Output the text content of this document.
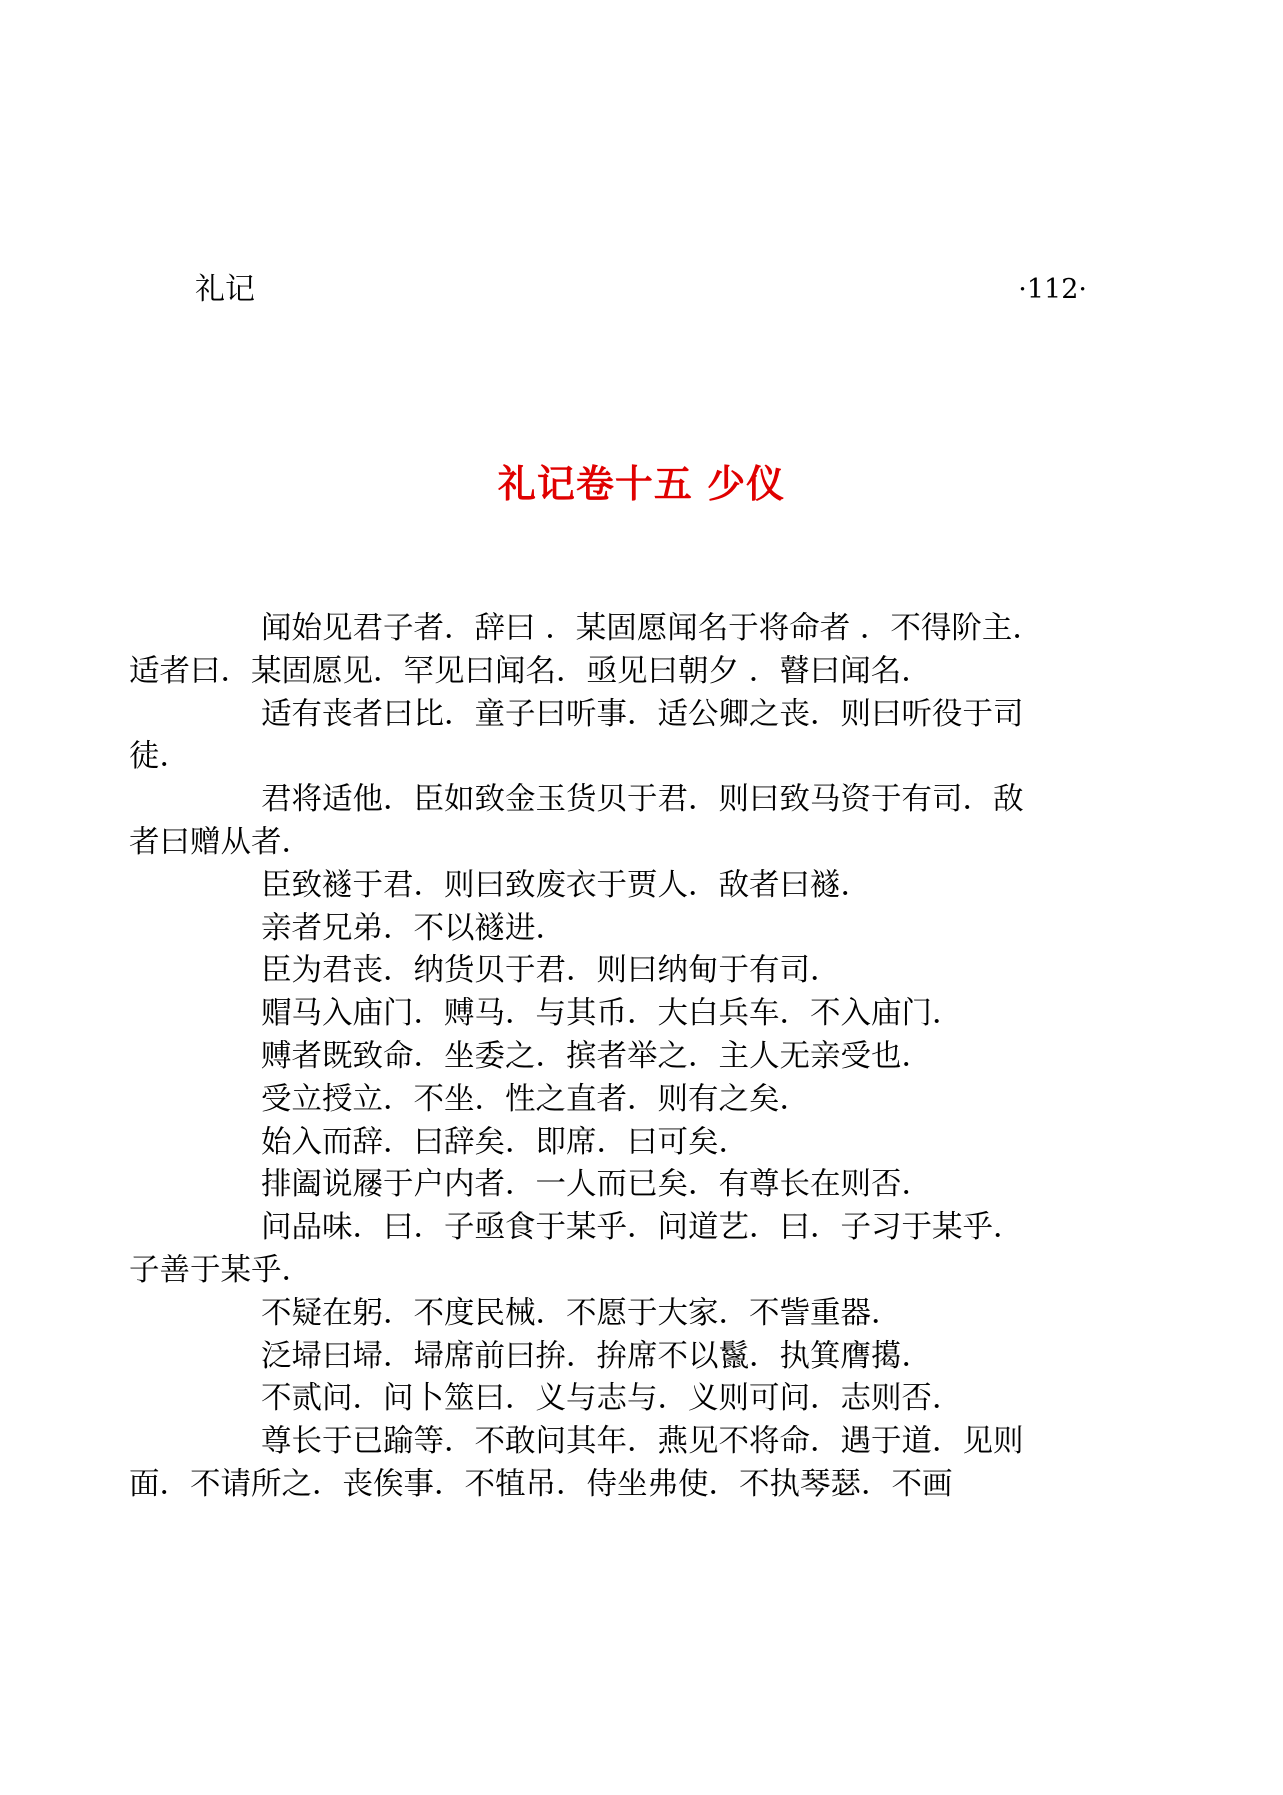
礼记	·112·
礼记卷十五 少仪

闻始见君子者．辞曰 ．某固愿闻名于将命者 ．不得阶主．
适者曰．某固愿见．罕见曰闻名．亟见曰朝夕 ．瞽曰闻名．

适有丧者曰比．童子曰听事．适公卿之丧．则曰听役于司
徒．

君将适他．臣如致金玉货贝于君．则曰致马资于有司．敌
者曰赠从者．

臣致襚于君．则曰致废衣于贾人．敌者曰襚．

亲者兄弟．不以襚进．

臣为君丧．纳货贝于君．则曰纳甸于有司．

赗马入庙门．赙马．与其币．大白兵车．不入庙门．

赙者既致命．坐委之．摈者举之．主人无亲受也．

受立授立．不坐．性之直者．则有之矣．

始入而辞．曰辞矣．即席．曰可矣．

排阖说屦于户内者．一人而已矣．有尊长在则否．

问品味．曰．子亟食于某乎．问道艺．曰．子习于某乎．
子善于某乎．

不疑在躬．不度民械．不愿于大家．不訾重器．

泛埽曰埽．埽席前曰拚．拚席不以鬣．执箕膺擖．

不贰问．问卜筮曰．义与志与．义则可问．志则否．

尊长于已踰等．不敢问其年．燕见不将命．遇于道．见则
面．不请所之．丧俟事．不犆吊．侍坐弗使．不执琴瑟．不画
